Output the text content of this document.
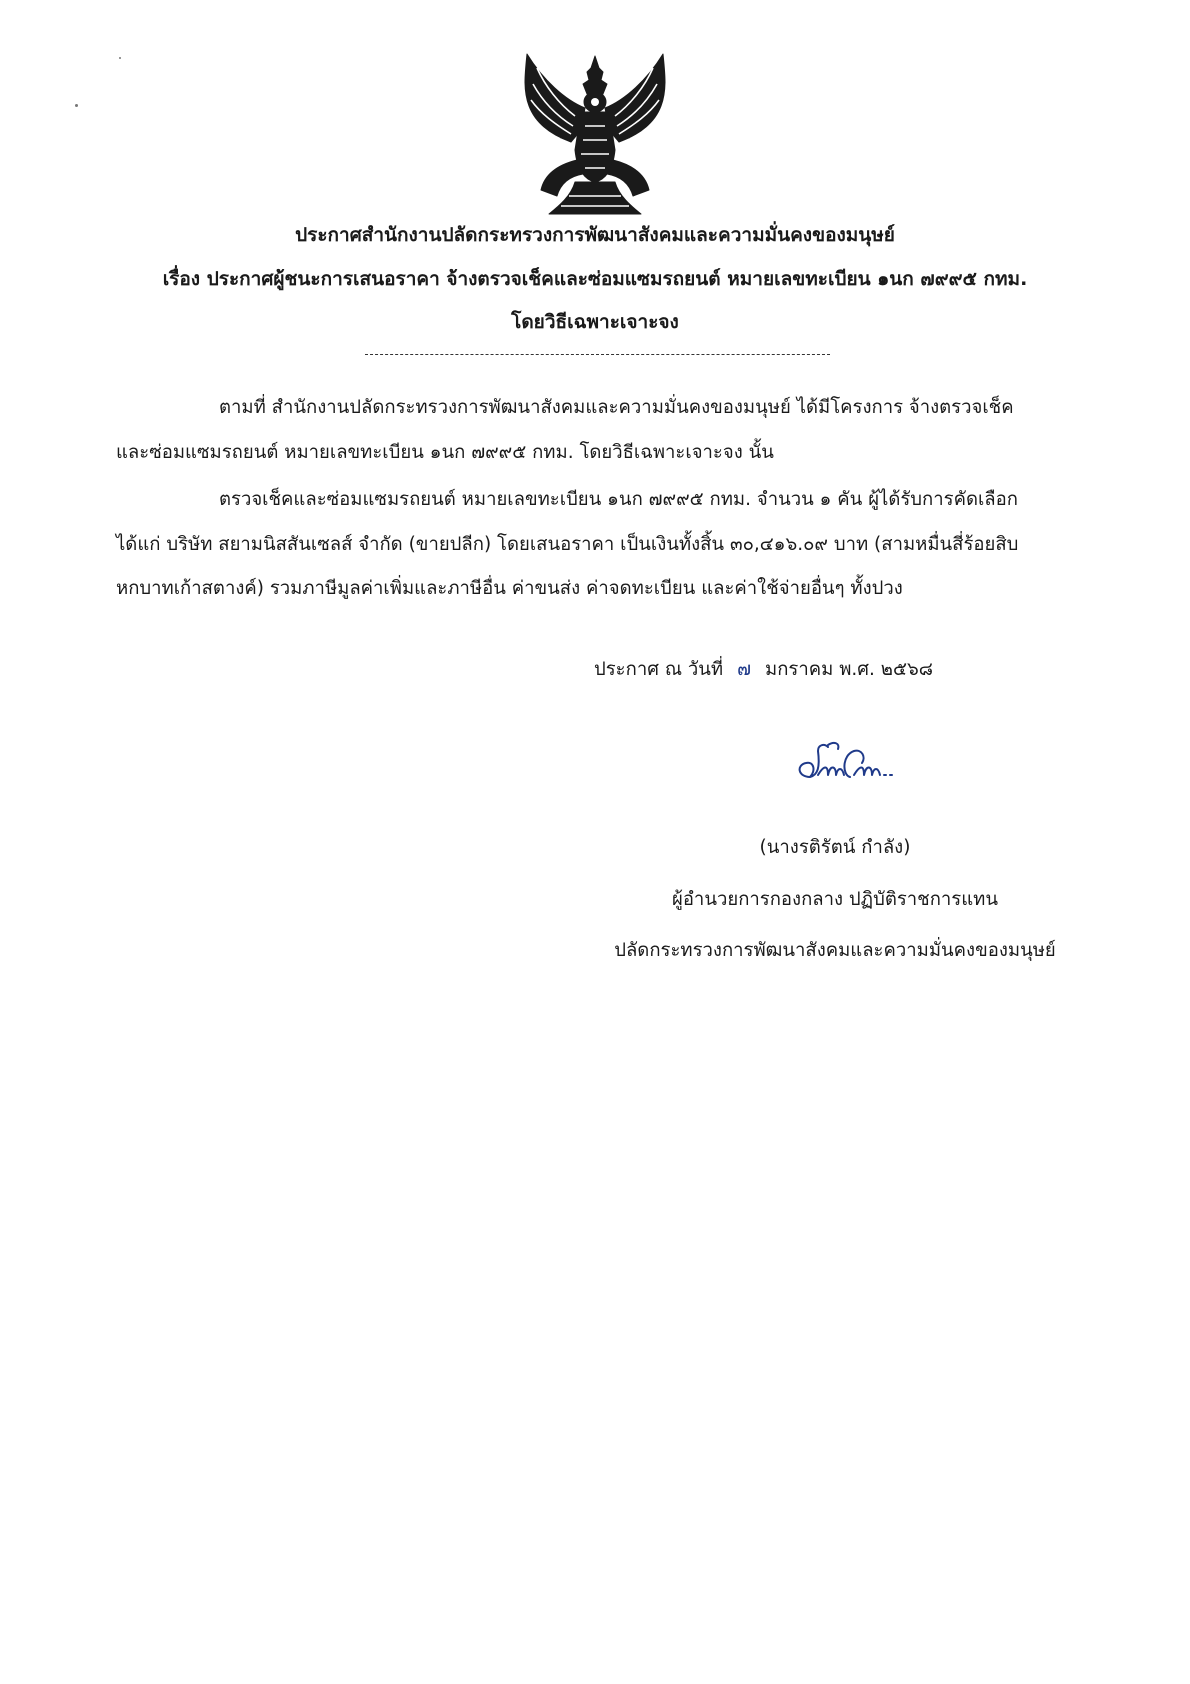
ประกาศสำนักงานปลัดกระทรวงการพัฒนาสังคมและความมั่นคงของมนุษย์
เรื่อง ประกาศผู้ชนะการเสนอราคา จ้างตรวจเช็คและซ่อมแซมรถยนต์ หมายเลขทะเบียน ๑นก ๗๙๙๕ กทม.
โดยวิธีเฉพาะเจาะจง
ตามที่ สำนักงานปลัดกระทรวงการพัฒนาสังคมและความมั่นคงของมนุษย์ ได้มีโครงการ จ้างตรวจเช็ค
และซ่อมแซมรถยนต์ หมายเลขทะเบียน ๑นก ๗๙๙๕ กทม. โดยวิธีเฉพาะเจาะจง นั้น
ตรวจเช็คและซ่อมแซมรถยนต์ หมายเลขทะเบียน ๑นก ๗๙๙๕ กทม. จำนวน ๑ คัน ผู้ได้รับการคัดเลือก
ได้แก่ บริษัท สยามนิสสันเซลส์ จำกัด (ขายปลีก) โดยเสนอราคา เป็นเงินทั้งสิ้น ๓๐,๔๑๖.๐๙ บาท (สามหมื่นสี่ร้อยสิบ
หกบาทเก้าสตางค์) รวมภาษีมูลค่าเพิ่มและภาษีอื่น ค่าขนส่ง ค่าจดทะเบียน และค่าใช้จ่ายอื่นๆ ทั้งปวง
ประกาศ ณ วันที่ ๗ มกราคม พ.ศ. ๒๕๖๘
(นางรติรัตน์ กำลัง)
ผู้อำนวยการกองกลาง ปฏิบัติราชการแทน
ปลัดกระทรวงการพัฒนาสังคมและความมั่นคงของมนุษย์
